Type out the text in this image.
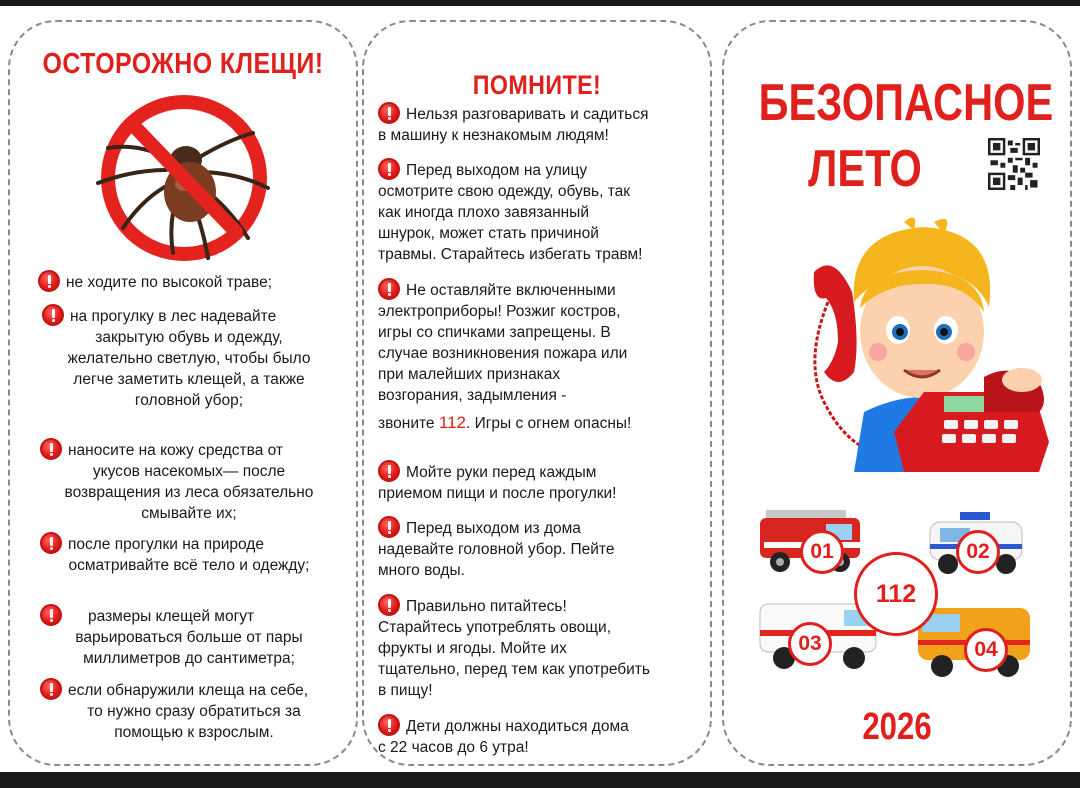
ОСТОРОЖНО КЛЕЩИ!
не ходите по высокой траве;
на прогулку в лес надевайте
закрытую обувь и одежду,
желательно светлую, чтобы было
легче заметить клещей, а также
головной убор;
наносите на кожу средства от
укусов насекомых— после
возвращения из леса обязательно
смывайте их;
после прогулки на природе
осматривайте всё тело и одежду;
размеры клещей могут
варьироваться больше от пары
миллиметров до сантиметра;
если обнаружили клеща на себе,
то нужно сразу обратиться за
помощью к взрослым.
ПОМНИТЕ!
Нельзя разговаривать и садиться
в машину к незнакомым людям!
Перед выходом на улицу
осмотрите свою одежду, обувь, так
как иногда плохо завязанный
шнурок, может стать причиной
травмы. Старайтесь избегать травм!
Не оставляйте включенными
электроприборы! Розжиг костров,
игры со спичками запрещены. В
случае возникновения пожара или
при малейших признаках
возгорания, задымления -
звоните 112. Игры с огнем опасны!
Мойте руки перед каждым
приемом пищи и после прогулки!
Перед выходом из дома
надевайте головной убор. Пейте
много воды.
Правильно питайтесь!
Старайтесь употреблять овощи,
фрукты и ягоды. Мойте их
тщательно, перед тем как употребить
в пищу!
Дети должны находиться дома
с 22 часов до 6 утра!
БЕЗОПАСНОЕ
ЛЕТО
01	02
112
03	04
2026
